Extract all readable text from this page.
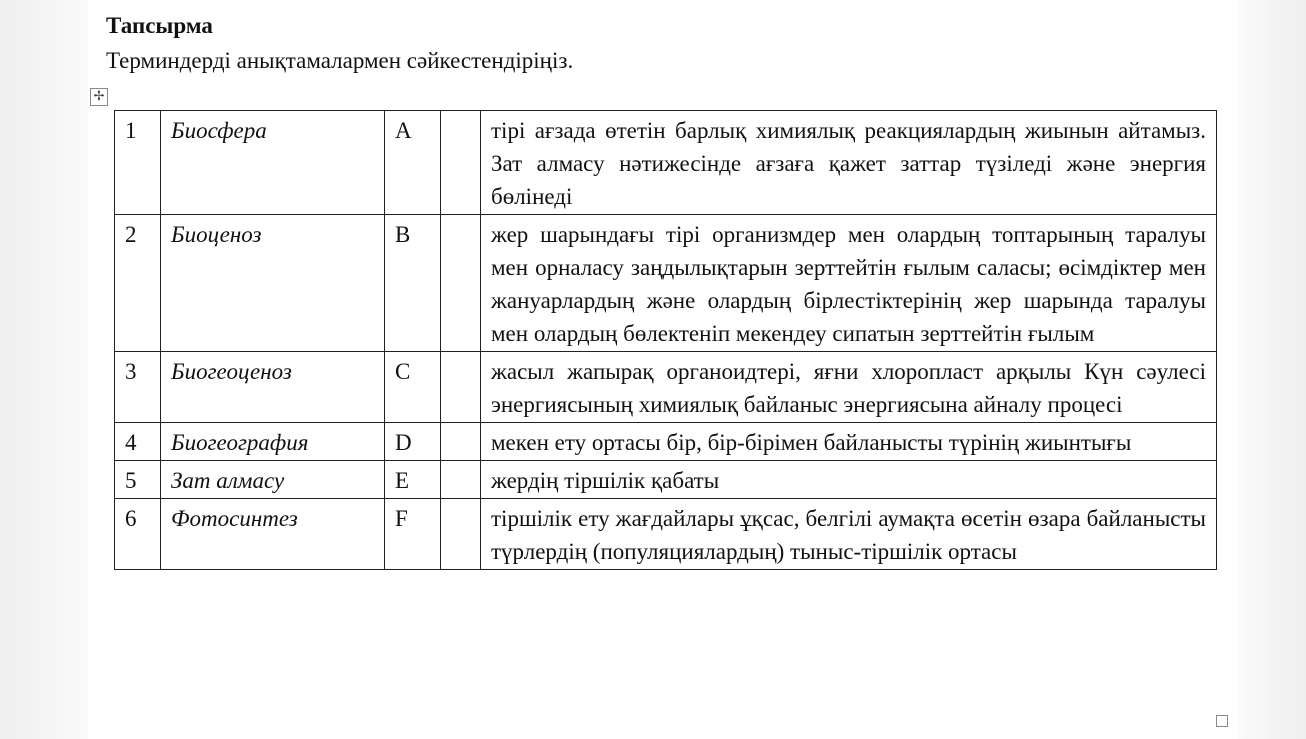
Тапсырма
Терминдерді анықтамалармен сәйкестендіріңіз.
✢
1	Биосфера	A		тірі ағзада өтетін барлық химиялық реакциялардың жиынын айтамыз. Зат алмасу нәтижесінде ағзаға қажет заттар түзіледі және энергия бөлінеді
2	Биоценоз	B		жер шарындағы тірі организмдер мен олардың топтарының таралуы мен орналасу заңдылықтарын зерттейтін ғылым саласы; өсімдіктер мен жануарлардың және олардың бірлестіктерінің жер шарында таралуы мен олардың бөлектеніп мекендеу сипатын зерттейтін ғылым
3	Биогеоценоз	C		жасыл жапырақ органоидтері, яғни хлоропласт арқылы Күн сәулесі энергиясының химиялық байланыс энергиясына айналу процесі
4	Биогеография	D		мекен ету ортасы бір, бір-бірімен байланысты түрінің жиынтығы
5	Зат алмасу	E		жердің тіршілік қабаты
6	Фотосинтез	F		тіршілік ету жағдайлары ұқсас, белгілі аумақта өсетін өзара байланысты түрлердің (популяциялардың) тыныс-тіршілік ортасы
